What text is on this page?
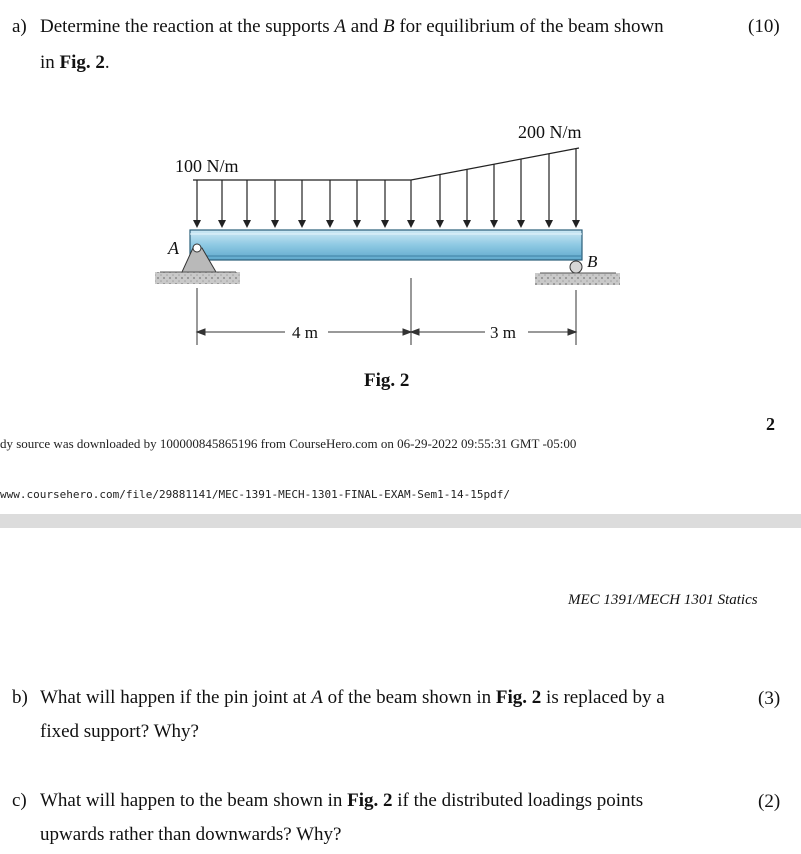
a) Determine the reaction at the supports A and B for equilibrium of the beam shown
in Fig. 2.
(10)
100 N/m
200 N/m
A
B
4 m	3 m
Fig. 2
2
dy source was downloaded by 100000845865196 from CourseHero.com on 06-29-2022 09:55:31 GMT -05:00
www.coursehero.com/file/29881141/MEC-1391-MECH-1301-FINAL-EXAM-Sem1-14-15pdf/
MEC 1391/MECH 1301 Statics
b) What will happen if the pin joint at A of the beam shown in Fig. 2 is replaced by a
fixed support? Why?
(3)
c) What will happen to the beam shown in Fig. 2 if the distributed loadings points
upwards rather than downwards? Why?
(2)
